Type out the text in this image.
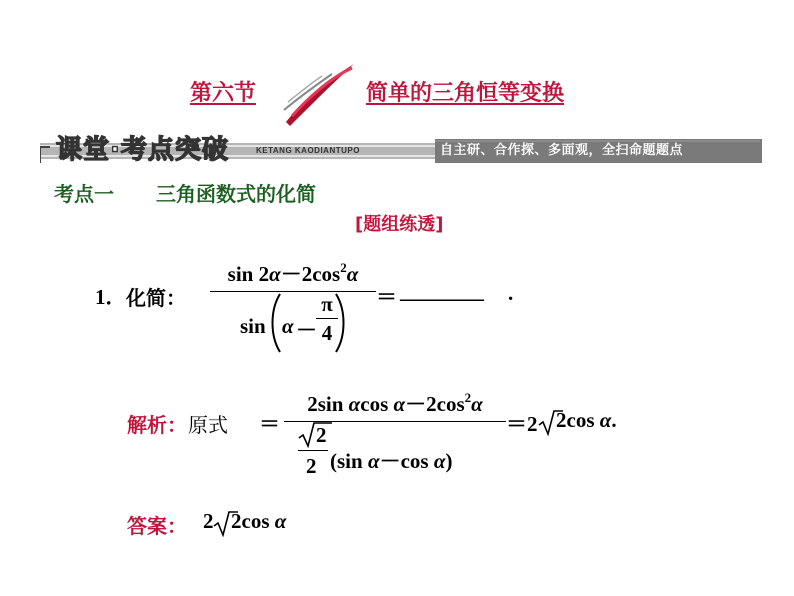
第六节	简单的三角恒等变换
课堂·考点突破	KETANG KAODIANTUPO	自主研、合作探、多面观，全扫命题题点
考点一 三角函数式的化简
[题组练透]
1． 化简：
$\sin 2\alpha-2\cos^2\alpha$
sin α －
π
4
＝ ________ .
解析： 原式 ＝
2sin αcos $\alpha-2\cos^2\alpha$
2
2 (sin α－cos α)
＝2 2cos α.
答案： 2 2cos α
